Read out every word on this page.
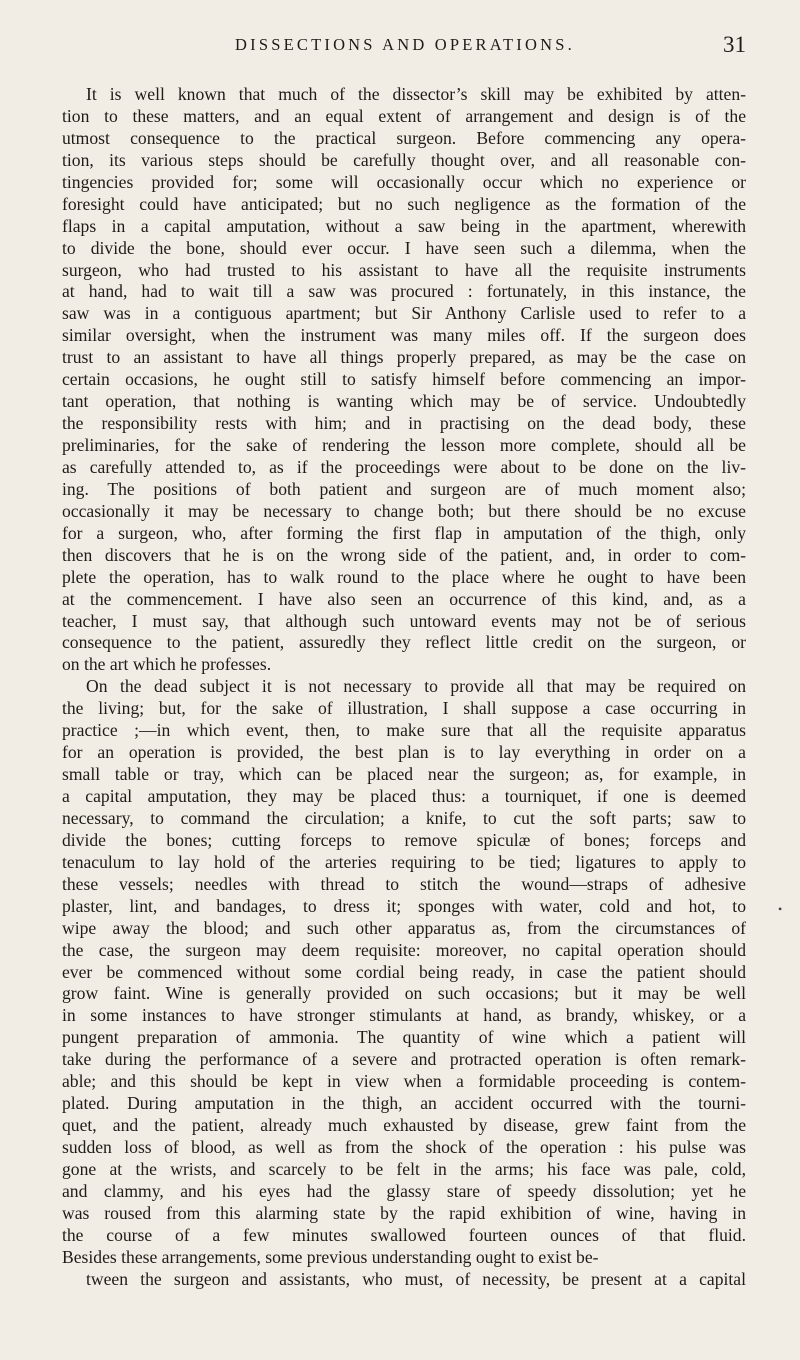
DISSECTIONS AND OPERATIONS.	31
It is well known that much of the dissector’s skill may be exhibited by atten-
tion to these matters, and an equal extent of arrangement and design is of the
utmost consequence to the practical surgeon. Before commencing any opera-
tion, its various steps should be carefully thought over, and all reasonable con-
tingencies provided for; some will occasionally occur which no experience or
foresight could have anticipated; but no such negligence as the formation of the
flaps in a capital amputation, without a saw being in the apartment, wherewith
to divide the bone, should ever occur. I have seen such a dilemma, when the
surgeon, who had trusted to his assistant to have all the requisite instruments
at hand, had to wait till a saw was procured : fortunately, in this instance, the
saw was in a contiguous apartment; but Sir Anthony Carlisle used to refer to a
similar oversight, when the instrument was many miles off. If the surgeon does
trust to an assistant to have all things properly prepared, as may be the case on
certain occasions, he ought still to satisfy himself before commencing an impor-
tant operation, that nothing is wanting which may be of service. Undoubtedly
the responsibility rests with him; and in practising on the dead body, these
preliminaries, for the sake of rendering the lesson more complete, should all be
as carefully attended to, as if the proceedings were about to be done on the liv-
ing. The positions of both patient and surgeon are of much moment also;
occasionally it may be necessary to change both; but there should be no excuse
for a surgeon, who, after forming the first flap in amputation of the thigh, only
then discovers that he is on the wrong side of the patient, and, in order to com-
plete the operation, has to walk round to the place where he ought to have been
at the commencement. I have also seen an occurrence of this kind, and, as a
teacher, I must say, that although such untoward events may not be of serious
consequence to the patient, assuredly they reflect little credit on the surgeon, or
on the art which he professes.
On the dead subject it is not necessary to provide all that may be required on
the living; but, for the sake of illustration, I shall suppose a case occurring in
practice ;—in which event, then, to make sure that all the requisite apparatus
for an operation is provided, the best plan is to lay everything in order on a
small table or tray, which can be placed near the surgeon; as, for example, in
a capital amputation, they may be placed thus: a tourniquet, if one is deemed
necessary, to command the circulation; a knife, to cut the soft parts; saw to
divide the bones; cutting forceps to remove spiculæ of bones; forceps and
tenaculum to lay hold of the arteries requiring to be tied; ligatures to apply to
these vessels; needles with thread to stitch the wound—straps of adhesive
plaster, lint, and bandages, to dress it; sponges with water, cold and hot, to
wipe away the blood; and such other apparatus as, from the circumstances of
the case, the surgeon may deem requisite: moreover, no capital operation should
ever be commenced without some cordial being ready, in case the patient should
grow faint. Wine is generally provided on such occasions; but it may be well
in some instances to have stronger stimulants at hand, as brandy, whiskey, or a
pungent preparation of ammonia. The quantity of wine which a patient will
take during the performance of a severe and protracted operation is often remark-
able; and this should be kept in view when a formidable proceeding is contem-
plated. During amputation in the thigh, an accident occurred with the tourni-
quet, and the patient, already much exhausted by disease, grew faint from the
sudden loss of blood, as well as from the shock of the operation : his pulse was
gone at the wrists, and scarcely to be felt in the arms; his face was pale, cold,
and clammy, and his eyes had the glassy stare of speedy dissolution; yet he
was roused from this alarming state by the rapid exhibition of wine, having in
the course of a few minutes swallowed fourteen ounces of that fluid.
Besides these arrangements, some previous understanding ought to exist be-
tween the surgeon and assistants, who must, of necessity, be present at a capital
•
